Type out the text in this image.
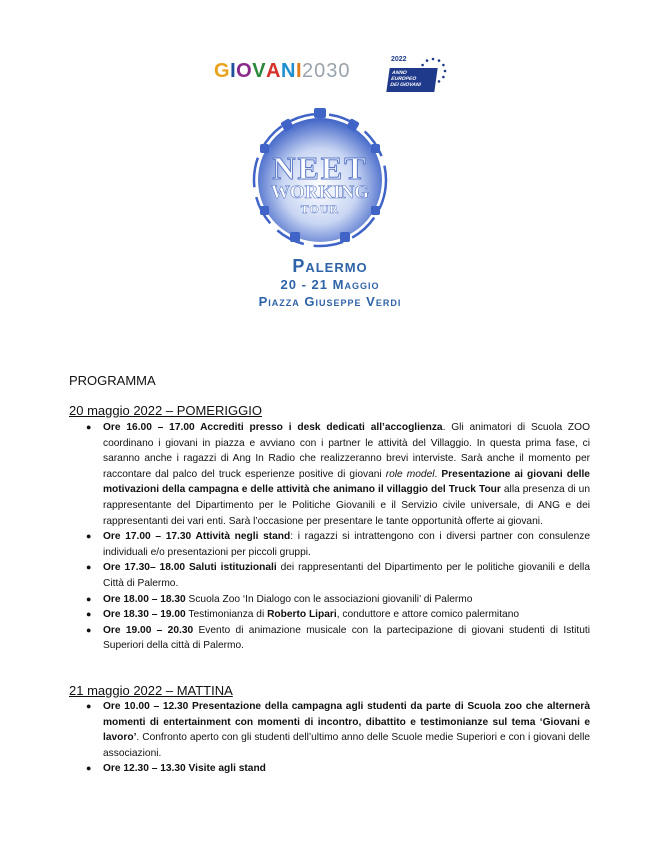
GIOVANI2030
2022
ANNO
EUROPEO
DEI GIOVANI
NEET
WORKING
TOUR
Palermo
20 - 21 Maggio
Piazza Giuseppe Verdi
PROGRAMMA
20 maggio 2022 – POMERIGGIO
● Ore 16.00 – 17.00 Accrediti presso i desk dedicati all’accoglienza. Gli animatori di Scuola ZOO coordinano i giovani in piazza e avviano con i partner le attività del Villaggio. In questa prima fase, ci saranno anche i ragazzi di Ang In Radio che realizzeranno brevi interviste. Sarà anche il momento per raccontare dal palco del truck esperienze positive di giovani role model. Presentazione ai giovani delle motivazioni della campagna e delle attività che animano il villaggio del Truck Tour alla presenza di un rappresentante del Dipartimento per le Politiche Giovanili e il Servizio civile universale, di ANG e dei rappresentanti dei vari enti. Sarà l’occasione per presentare le tante opportunità offerte ai giovani.
● Ore 17.00 – 17.30 Attività negli stand: i ragazzi si intrattengono con i diversi partner con consulenze individuali e/o presentazioni per piccoli gruppi.
● Ore 17.30– 18.00 Saluti istituzionali dei rappresentanti del Dipartimento per le politiche giovanili e della Città di Palermo.
● Ore 18.00 – 18.30 Scuola Zoo ‘In Dialogo con le associazioni giovanili’ di Palermo
● Ore 18.30 – 19.00 Testimonianza di Roberto Lipari, conduttore e attore comico palermitano
● Ore 19.00 – 20.30 Evento di animazione musicale con la partecipazione di giovani studenti di Istituti Superiori della città di Palermo.
21 maggio 2022 – MATTINA
● Ore 10.00 – 12.30 Presentazione della campagna agli studenti da parte di Scuola zoo che alternerà momenti di entertainment con momenti di incontro, dibattito e testimonianze sul tema ‘Giovani e lavoro’. Confronto aperto con gli studenti dell’ultimo anno delle Scuole medie Superiori e con i giovani delle associazioni.
● Ore 12.30 – 13.30 Visite agli stand
